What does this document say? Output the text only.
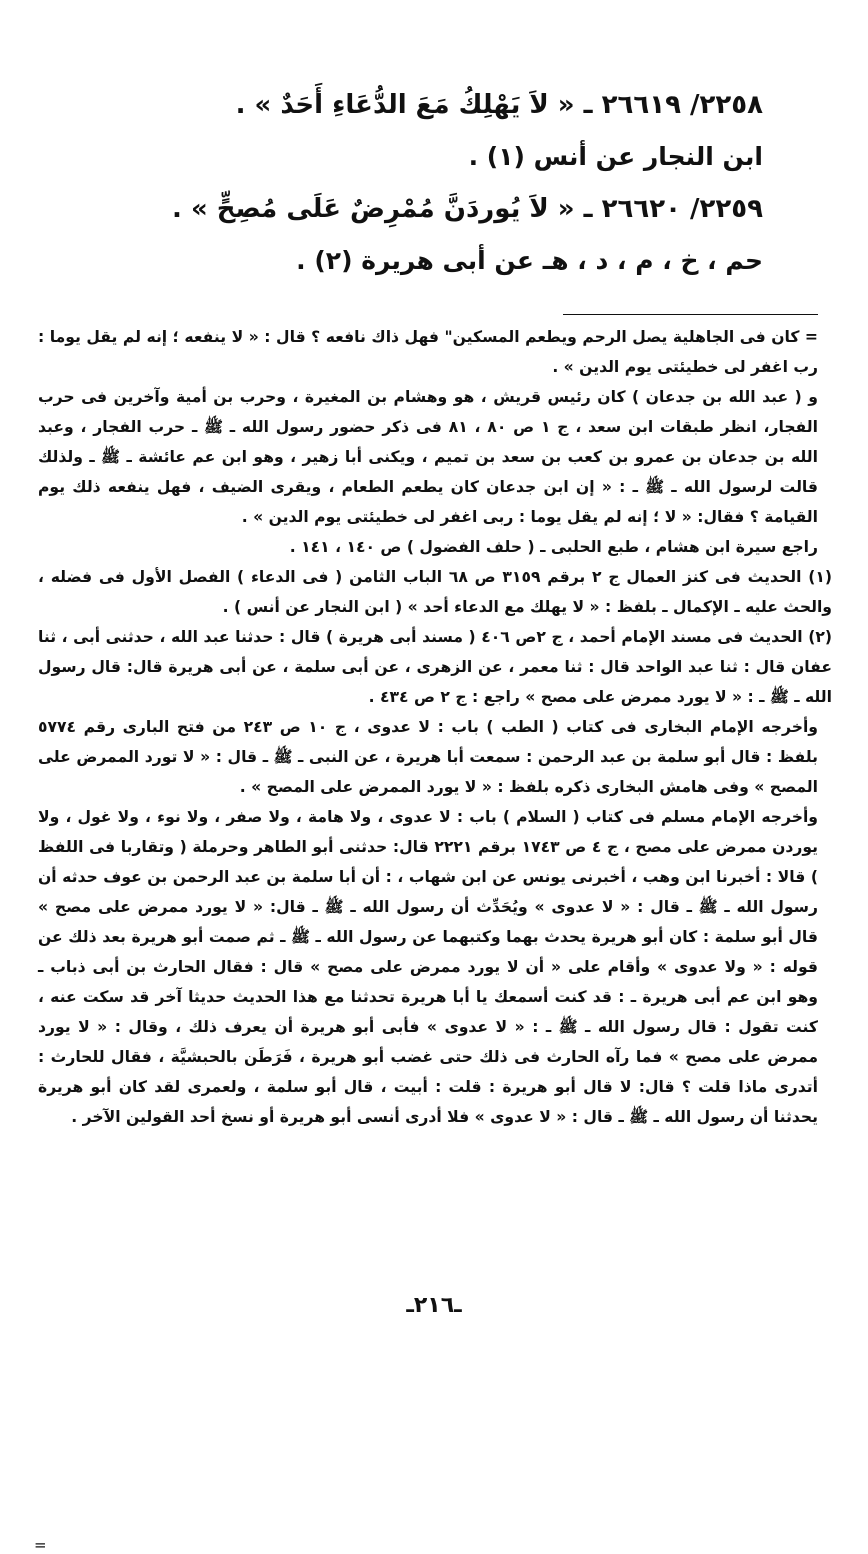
٢٢٥٨/ ٢٦٦١٩ ـ « لاَ يَهْلِكُ مَعَ الدُّعَاءِ أَحَدٌ » .

ابن النجار عن أنس (١) .

٢٢٥٩/ ٢٦٦٢٠ ـ « لاَ يُوردَنَّ مُمْرِضٌ عَلَى مُصِحٍّ » .

حم ، خ ، م ، د ، هـ عن أبى هريرة (٢) .

= كان فى الجاهلية يصل الرحم ويطعم المسكين" فهل ذاك نافعه ؟ قال : « لا ينفعه ؛ إنه لم يقل يوما : رب اغفر لى خطيئتى يوم الدين » .

و ( عبد الله بن جدعان ) كان رئيس قريش ، هو وهشام بن المغيرة ، وحرب بن أمية وآخرين فى حرب الفجار، انظر طبقات ابن سعد ، ج ١ ص ٨٠ ، ٨١ فى ذكر حضور رسول الله ـ ﷺ ـ حرب الفجار ، وعبد الله بن جدعان بن عمرو بن كعب بن سعد بن تميم ، ويكنى أبا زهير ، وهو ابن عم عائشة ـ ﷺ ـ ولذلك قالت لرسول الله ـ ﷺ ـ : « إن ابن جدعان كان يطعم الطعام ، ويقرى الضيف ، فهل ينفعه ذلك يوم القيامة ؟ فقال: « لا ؛ إنه لم يقل يوما : ربى اغفر لى خطيئتى يوم الدين » .

راجع سيرة ابن هشام ، طبع الحلبى ـ ( حلف الفضول ) ص ١٤٠ ، ١٤١ .

(١) الحديث فى كنز العمال ج ٢ برقم ٣١٥٩ ص ٦٨ الباب الثامن ( فى الدعاء ) الفصل الأول فى فضله ، والحث عليه ـ الإكمال ـ بلفظ : « لا يهلك مع الدعاء أحد » ( ابن النجار عن أنس ) .

(٢) الحديث فى مسند الإمام أحمد ، ج ٢ص ٤٠٦ ( مسند أبى هريرة ) قال : حدثنا عبد الله ، حدثنى أبى ، ثنا عفان قال : ثنا عبد الواحد قال : ثنا معمر ، عن الزهرى ، عن أبى سلمة ، عن أبى هريرة قال: قال رسول الله ـ ﷺ ـ : « لا يورد ممرض على مصح » راجع : ج ٢ ص ٤٣٤ .

وأخرجه الإمام البخارى فى كتاب ( الطب ) باب : لا عدوى ، ج ١٠ ص ٢٤٣ من فتح البارى رقم ٥٧٧٤ بلفظ : قال أبو سلمة بن عبد الرحمن : سمعت أبا هريرة ، عن النبى ـ ﷺ ـ قال : « لا تورد الممرض على المصح » وفى هامش البخارى ذكره بلفظ : « لا يورد الممرض على المصح » .

وأخرجه الإمام مسلم فى كتاب ( السلام ) باب : لا عدوى ، ولا هامة ، ولا صفر ، ولا نوء ، ولا غول ، ولا يوردن ممرض على مصح ، ج ٤ ص ١٧٤٣ برقم ٢٢٢١ قال: حدثنى أبو الطاهر وحرملة ( وتقاربا فى اللفظ ) قالا : أخبرنا ابن وهب ، أخبرنى يونس عن ابن شهاب ، : أن أبا سلمة بن عبد الرحمن بن عوف حدثه أن رسول الله ـ ﷺ ـ قال : « لا عدوى » ويُحَدِّث أن رسول الله ـ ﷺ ـ قال: « لا يورد ممرض على مصح » قال أبو سلمة : كان أبو هريرة يحدث بهما وكتبهما عن رسول الله ـ ﷺ ـ ثم صمت أبو هريرة بعد ذلك عن قوله : « ولا عدوى » وأقام على « أن لا يورد ممرض على مصح » قال : فقال الحارث بن أبى ذباب ـ وهو ابن عم أبى هريرة ـ : قد كنت أسمعك يا أبا هريرة تحدثنا مع هذا الحديث حديثا آخر قد سكت عنه ، كنت تقول : قال رسول الله ـ ﷺ ـ : « لا عدوى » فأبى أبو هريرة أن يعرف ذلك ، وقال : « لا يورد ممرض على مصح » فما رآه الحارث فى ذلك حتى غضب أبو هريرة ، فَرَطَن بالحبشيَّة ، فقال للحارث : أتدرى ماذا قلت ؟ قال: لا قال أبو هريرة : قلت : أبيت ، قال أبو سلمة ، ولعمرى لقد كان أبو هريرة يحدثنا أن رسول الله ـ ﷺ ـ قال : « لا عدوى » فلا أدرى أنسى أبو هريرة أو نسخ أحد القولين الآخر .

=
ـ٢١٦ـ
